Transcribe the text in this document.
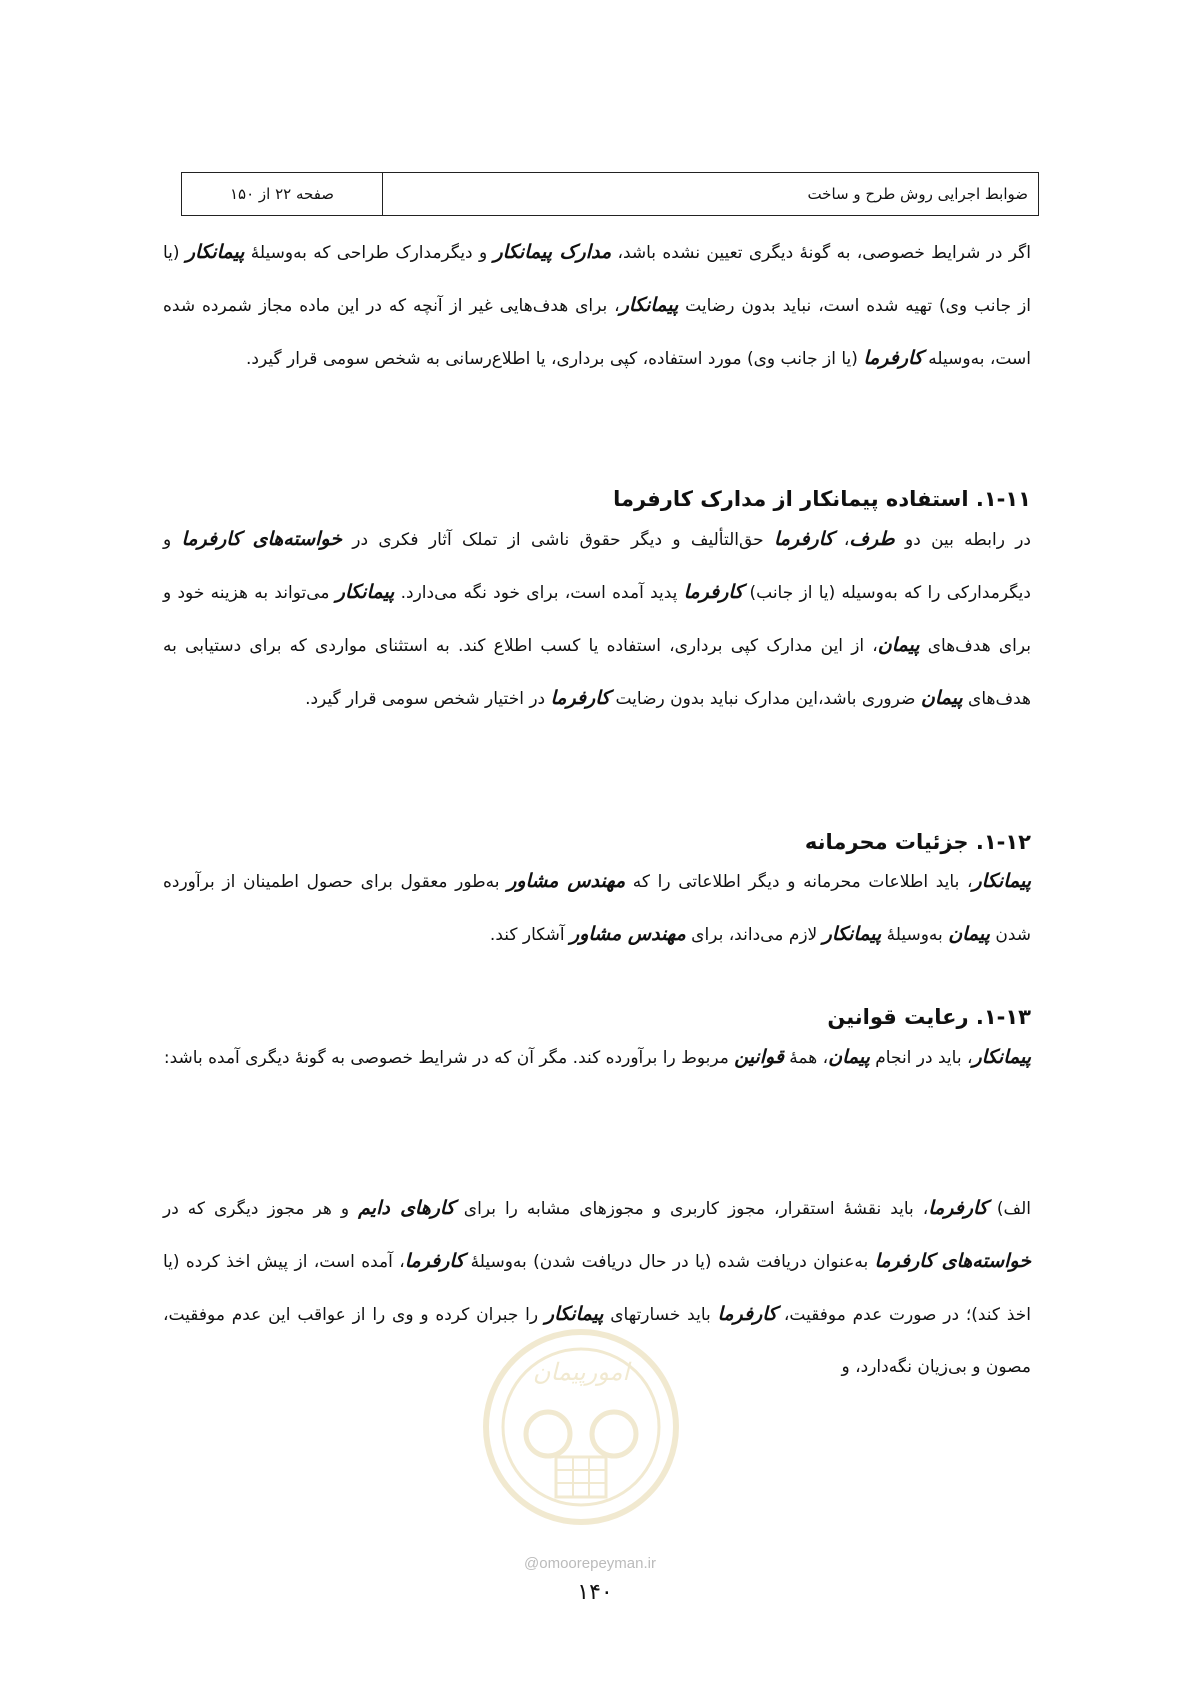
ضوابط اجرایی روش طرح و ساخت
صفحه ۲۲ از ۱۵۰

اگر در شرایط خصوصی، به گونهٔ دیگری تعیین نشده باشد، مدارک پیمانکار و دیگرمدارک طراحی که به‌وسیلهٔ پیمانکار (یا از جانب وی) تهیه شده است، نباید بدون رضایت پیمانکار، برای هدف‌هایی غیر از آنچه که در این ماده مجاز شمرده شده است، به‌وسیله کارفرما (یا از جانب وی) مورد استفاده، کپی برداری، یا اطلاع‌رسانی به شخص سومی قرار گیرد.

۱-۱۱. استفاده پیمانکار از مدارک کارفرما

در رابطه بین دو طرف، کارفرما حق‌التألیف و دیگر حقوق ناشی از تملک آثار فکری در خواسته‌های کارفرما و دیگرمدارکی را که به‌وسیله (یا از جانب) کارفرما پدید آمده است، برای خود نگه می‌دارد. پیمانکار می‌تواند به هزینه خود و برای هدف‌های پیمان، از این مدارک کپی برداری، استفاده یا کسب اطلاع کند. به استثنای مواردی که برای دستیابی به هدف‌های پیمان ضروری باشد،این مدارک نباید بدون رضایت کارفرما در اختیار شخص سومی قرار گیرد.

۱-۱۲. جزئیات محرمانه

پیمانکار، باید اطلاعات محرمانه و دیگر اطلاعاتی را که مهندس مشاور به‌طور معقول برای حصول اطمینان از برآورده شدن پیمان به‌وسیلهٔ پیمانکار لازم می‌داند، برای مهندس مشاور آشکار کند.

۱-۱۳. رعایت قوانین

پیمانکار، باید در انجام پیمان، همهٔ قوانین مربوط را برآورده کند. مگر آن که در شرایط خصوصی به گونهٔ دیگری آمده باشد:

الف) کارفرما، باید نقشهٔ استقرار، مجوز کاربری و مجوزهای مشابه را برای کارهای دایم و هر مجوز دیگری که در خواسته‌های کارفرما به‌عنوان دریافت شده (یا در حال دریافت شدن) به‌وسیلهٔ کارفرما، آمده است، از پیش اخذ کرده (یا اخذ کند)؛ در صورت عدم موفقیت، کارفرما باید خسارتهای پیمانکار را جبران کرده و وی را از عواقب این عدم موفقیت، مصون و بی‌زیان نگه‌دارد، و

امورپیمان
@omoorepeyman.ir
۱۴۰
